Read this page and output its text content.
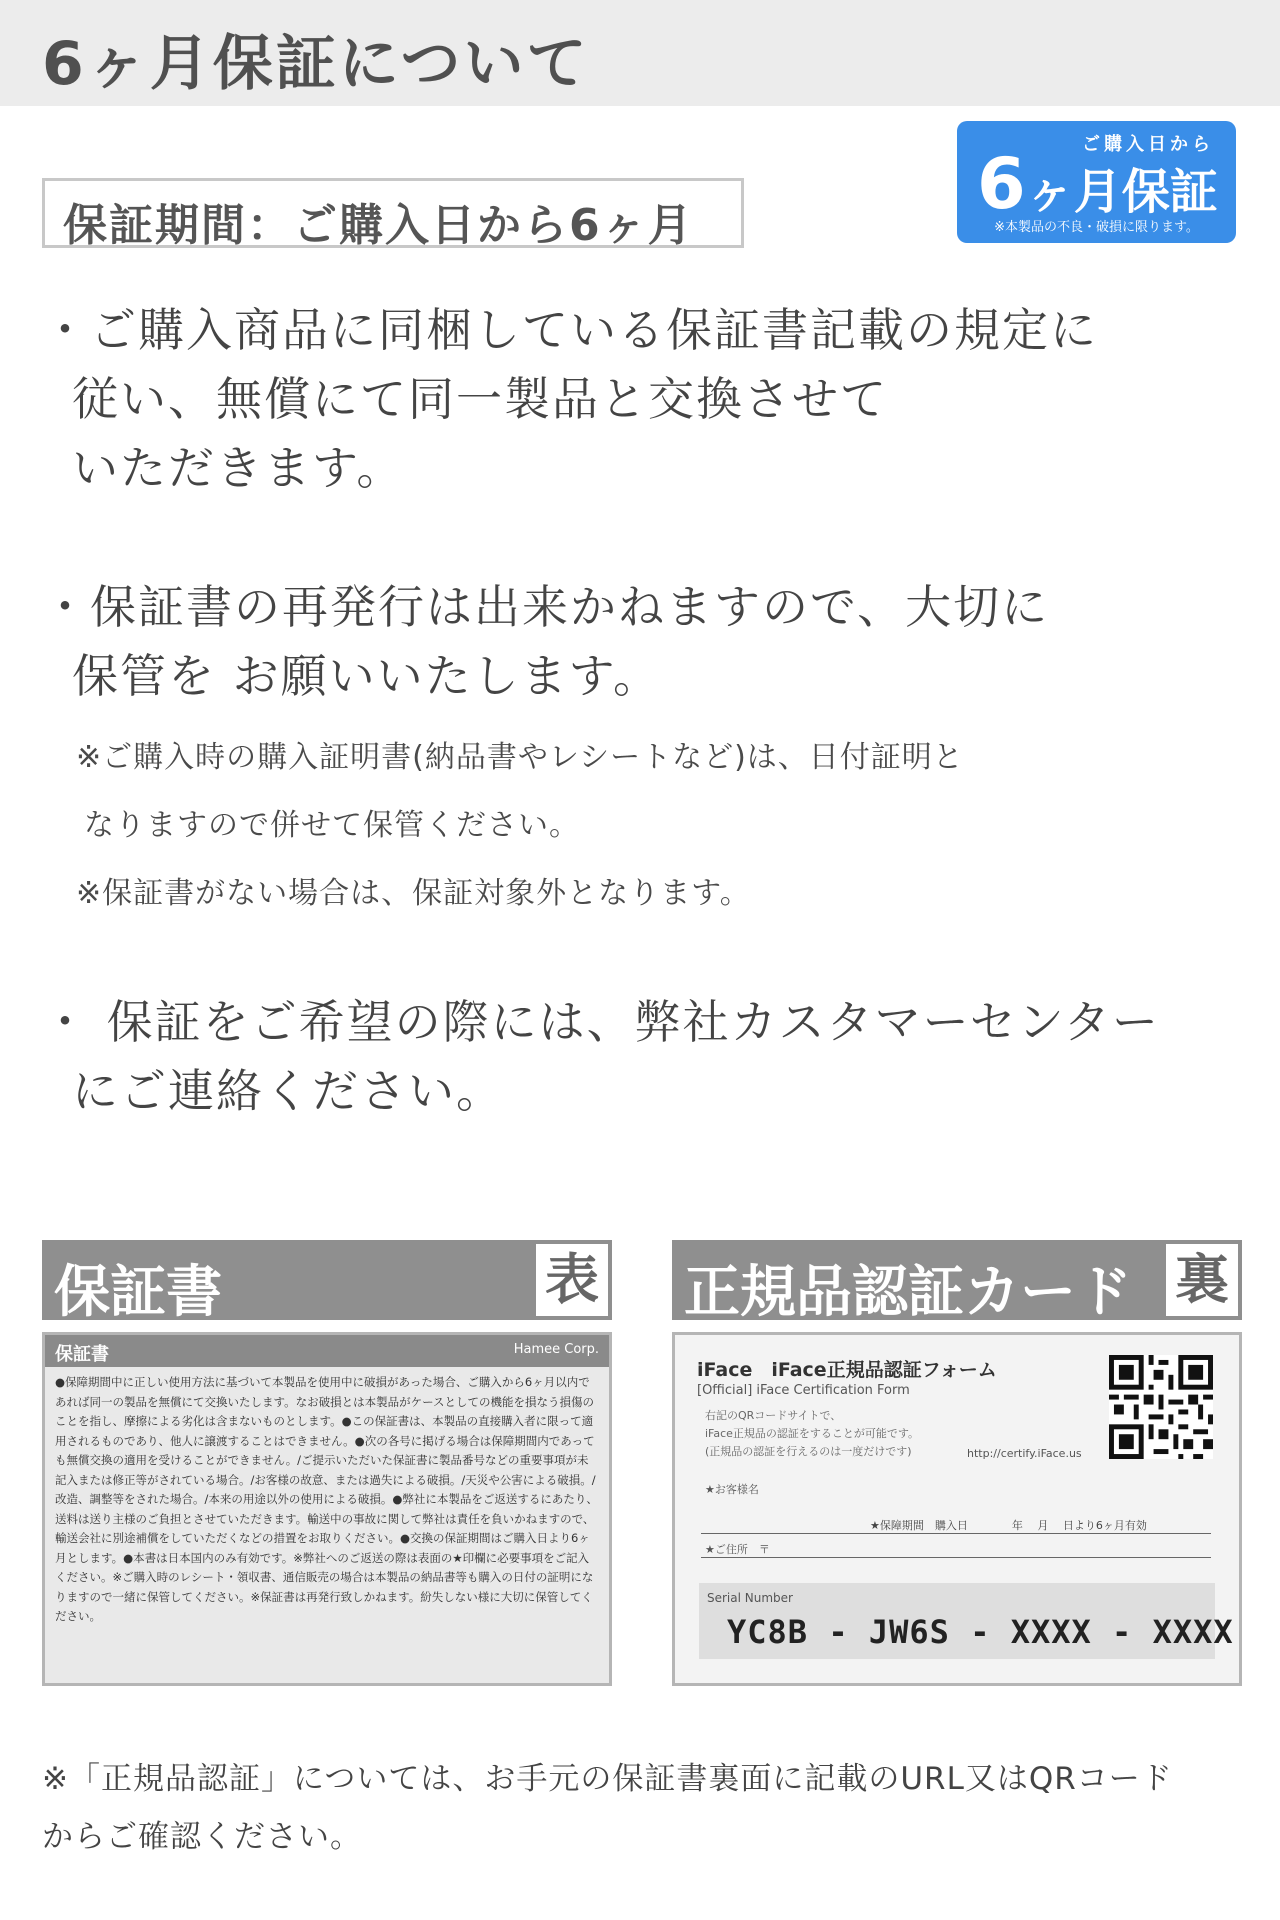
6ヶ月保証について
保証期間：ご購入日から6ヶ月
ご購入日から
6ヶ月保証
※本製品の不良・破損に限ります。
・ご購入商品に同梱している保証書記載の規定に
従い、無償にて同一製品と交換させて
いただきます。
・保証書の再発行は出来かねますので、大切に
保管を お願いいたします。
※ご購入時の購入証明書(納品書やレシートなど)は、日付証明と
なりますので併せて保管ください。
※保証書がない場合は、保証対象外となります。
・ 保証をご希望の際には、弊社カスタマーセンター
にご連絡ください。
保証書	表
保証書	Hamee Corp.
●保障期間中に正しい使用方法に基づいて本製品を使用中に破損があった場合、ご購入から6ヶ月以内であれば同一の製品を無償にて交換いたします。なお破損とは本製品がケースとしての機能を損なう損傷のことを指し、摩擦による劣化は含まないものとします。●この保証書は、本製品の直接購入者に限って適用されるものであり、他人に譲渡することはできません。●次の各号に掲げる場合は保障期間内であっても無償交換の適用を受けることができません。/ご提示いただいた保証書に製品番号などの重要事項が未記入または修正等がされている場合。/お客様の故意、または過失による破損。/天災や公害による破損。/改造、調整等をされた場合。/本来の用途以外の使用による破損。●弊社に本製品をご返送するにあたり、送料は送り主様のご負担とさせていただきます。輸送中の事故に関して弊社は責任を負いかねますので、輸送会社に別途補償をしていただくなどの措置をお取りください。●交換の保証期間はご購入日より6ヶ月とします。●本書は日本国内のみ有効です。※弊社へのご返送の際は表面の★印欄に必要事項をご記入ください。※ご購入時のレシート・領収書、通信販売の場合は本製品の納品書等も購入の日付の証明になりますので一緒に保管してください。※保証書は再発行致しかねます。紛失しない様に大切に保管してください。
正規品認証カード 裏
iFace　iFace正規品認証フォーム
[Official] iFace Certification Form
右記のQRコードサイトで、
iFace正規品の認証をすることが可能です。
(正規品の認証を行えるのは一度だけです)	http://certify.iFace.us
★お客様名
★保障期間　購入日　　　　年　 月　 日より6ヶ月有効
★ご住所　〒
Serial Number
YC8B - JW6S - XXXX - XXXX
※「正規品認証」については、お手元の保証書裏面に記載のURL又はQRコード
からご確認ください。
